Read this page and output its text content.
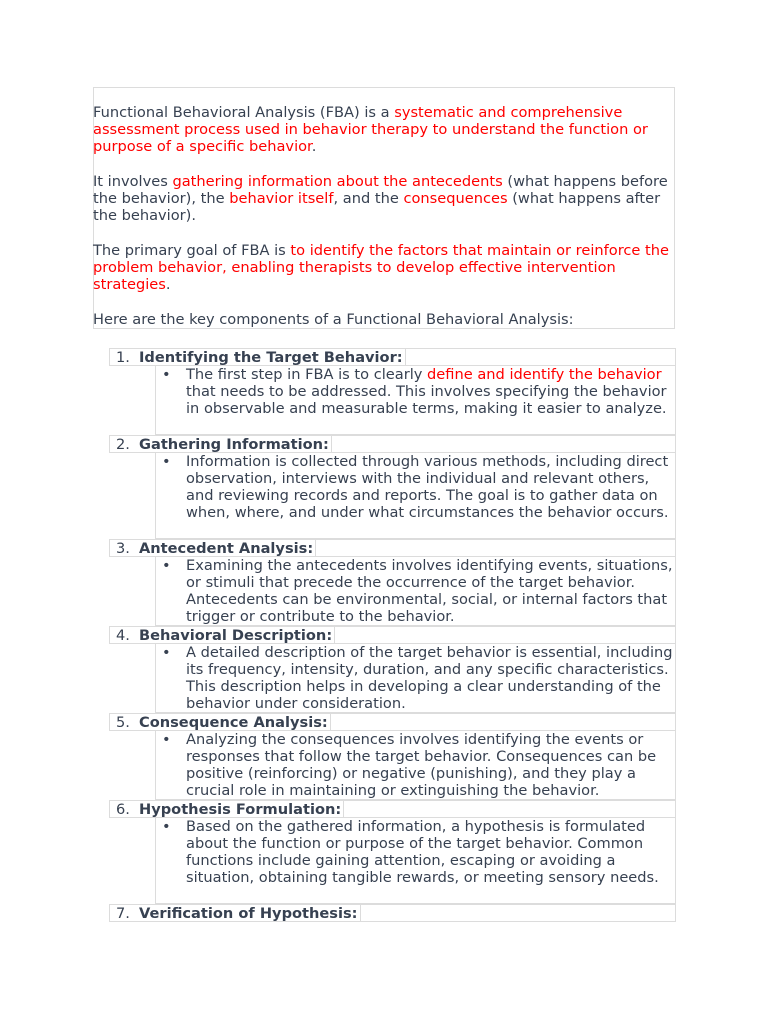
Functional Behavioral Analysis (FBA) is a systematic and comprehensive assessment process used in behavior therapy to understand the function or purpose of a specific behavior.

It involves gathering information about the antecedents (what happens before the behavior), the behavior itself, and the consequences (what happens after the behavior).

The primary goal of FBA is to identify the factors that maintain or reinforce the problem behavior, enabling therapists to develop effective intervention strategies.

Here are the key components of a Functional Behavioral Analysis:

1. Identifying the Target Behavior:
• The first step in FBA is to clearly define and identify the behavior that needs to be addressed. This involves specifying the behavior in observable and measurable terms, making it easier to analyze.
2. Gathering Information:
• Information is collected through various methods, including direct observation, interviews with the individual and relevant others, and reviewing records and reports. The goal is to gather data on when, where, and under what circumstances the behavior occurs.
3. Antecedent Analysis:
• Examining the antecedents involves identifying events, situations, or stimuli that precede the occurrence of the target behavior. Antecedents can be environmental, social, or internal factors that trigger or contribute to the behavior.
4. Behavioral Description:
• A detailed description of the target behavior is essential, including its frequency, intensity, duration, and any specific characteristics. This description helps in developing a clear understanding of the behavior under consideration.
5. Consequence Analysis:
• Analyzing the consequences involves identifying the events or responses that follow the target behavior. Consequences can be positive (reinforcing) or negative (punishing), and they play a crucial role in maintaining or extinguishing the behavior.
6. Hypothesis Formulation:
• Based on the gathered information, a hypothesis is formulated about the function or purpose of the target behavior. Common functions include gaining attention, escaping or avoiding a situation, obtaining tangible rewards, or meeting sensory needs.
7. Verification of Hypothesis:
